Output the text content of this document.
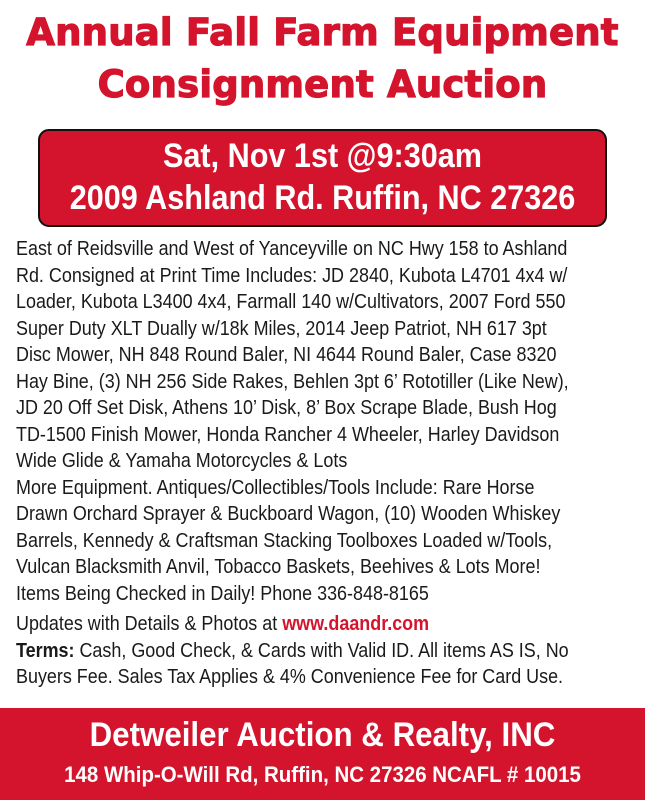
Annual Fall Farm Equipment
Consignment Auction
Sat, Nov 1st @9:30am
2009 Ashland Rd. Ruffin, NC 27326
East of Reidsville and West of Yanceyville on NC Hwy 158 to Ashland
Rd. Consigned at Print Time Includes: JD 2840, Kubota L4701 4x4 w/
Loader, Kubota L3400 4x4, Farmall 140 w/Cultivators, 2007 Ford 550
Super Duty XLT Dually w/18k Miles, 2014 Jeep Patriot, NH 617 3pt
Disc Mower, NH 848 Round Baler, NI 4644 Round Baler, Case 8320
Hay Bine, (3) NH 256 Side Rakes, Behlen 3pt 6’ Rototiller (Like New),
JD 20 Off Set Disk, Athens 10’ Disk, 8’ Box Scrape Blade, Bush Hog
TD-1500 Finish Mower, Honda Rancher 4 Wheeler, Harley Davidson
Wide Glide & Yamaha Motorcycles & Lots
More Equipment. Antiques/Collectibles/Tools Include: Rare Horse
Drawn Orchard Sprayer & Buckboard Wagon, (10) Wooden Whiskey
Barrels, Kennedy & Craftsman Stacking Toolboxes Loaded w/Tools,
Vulcan Blacksmith Anvil, Tobacco Baskets, Beehives & Lots More!
Items Being Checked in Daily! Phone 336-848-8165
Updates with Details & Photos at www.daandr.com
Terms: Cash, Good Check, & Cards with Valid ID. All items AS IS, No
Buyers Fee. Sales Tax Applies & 4% Convenience Fee for Card Use.
Detweiler Auction & Realty, INC
148 Whip-O-Will Rd, Ruffin, NC 27326 NCAFL # 10015
